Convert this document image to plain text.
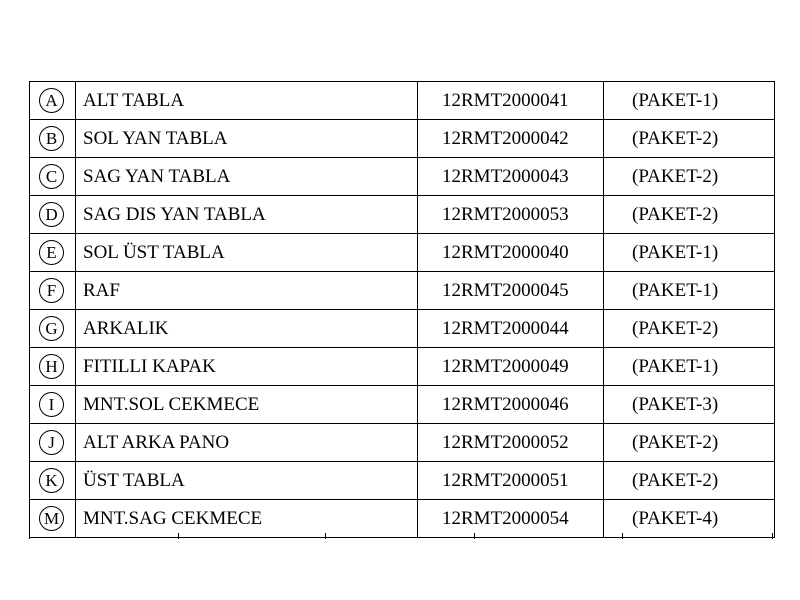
A	ALT TABLA	12RMT2000041	(PAKET-1)
B	SOL YAN TABLA	12RMT2000042	(PAKET-2)
C	SAG YAN TABLA	12RMT2000043	(PAKET-2)
D	SAG DIS YAN TABLA	12RMT2000053	(PAKET-2)
E	SOL ÜST TABLA	12RMT2000040	(PAKET-1)
F	RAF	12RMT2000045	(PAKET-1)
G	ARKALIK	12RMT2000044	(PAKET-2)
H	FITILLI KAPAK	12RMT2000049	(PAKET-1)
I	MNT.SOL CEKMECE	12RMT2000046	(PAKET-3)
J	ALT ARKA PANO	12RMT2000052	(PAKET-2)
K	ÜST TABLA	12RMT2000051	(PAKET-2)
M MNT.SAG CEKMECE	12RMT2000054	(PAKET-4)
